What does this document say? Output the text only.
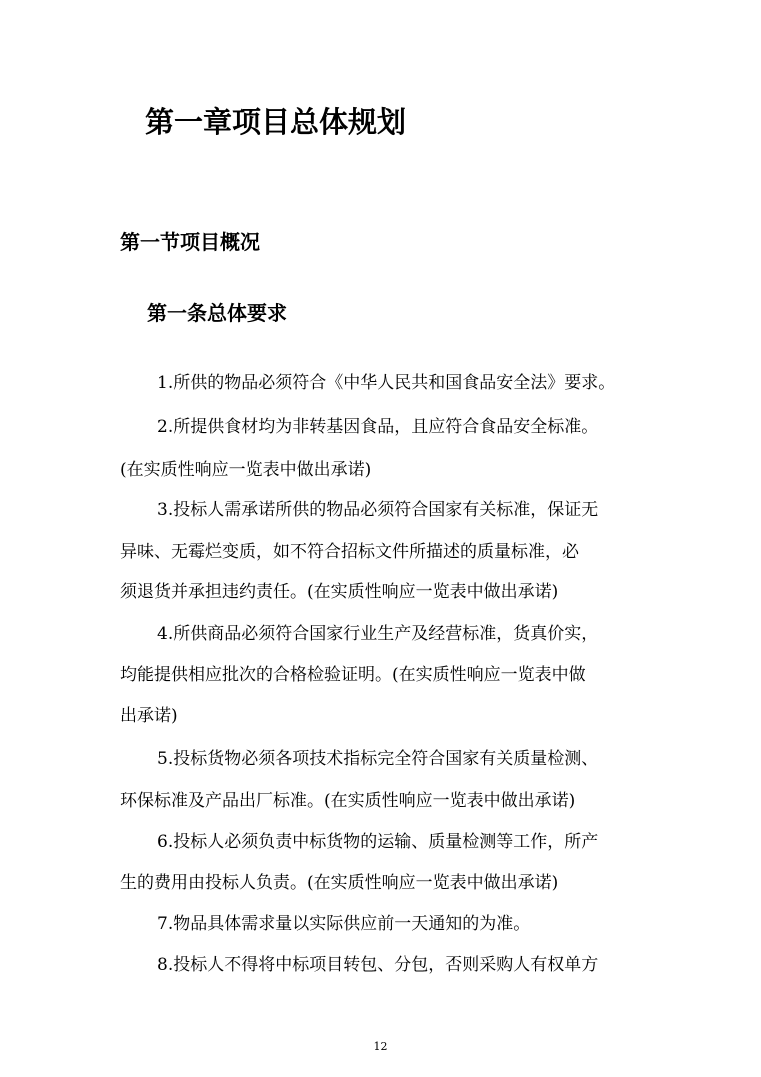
第一章项目总体规划
第一节项目概况
第一条总体要求
1.所供的物品必须符合《中华人民共和国食品安全法》要求。
2.所提供食材均为非转基因食品，且应符合食品安全标准。
(在实质性响应一览表中做出承诺)
3.投标人需承诺所供的物品必须符合国家有关标准，保证无
异味、无霉烂变质，如不符合招标文件所描述的质量标准，必
须退货并承担违约责任。(在实质性响应一览表中做出承诺)
4.所供商品必须符合国家行业生产及经营标准，货真价实，
均能提供相应批次的合格检验证明。(在实质性响应一览表中做
出承诺)
5.投标货物必须各项技术指标完全符合国家有关质量检测、
环保标准及产品出厂标准。(在实质性响应一览表中做出承诺)
6.投标人必须负责中标货物的运输、质量检测等工作，所产
生的费用由投标人负责。(在实质性响应一览表中做出承诺)
7.物品具体需求量以实际供应前一天通知的为准。
8.投标人不得将中标项目转包、分包，否则采购人有权单方
12
